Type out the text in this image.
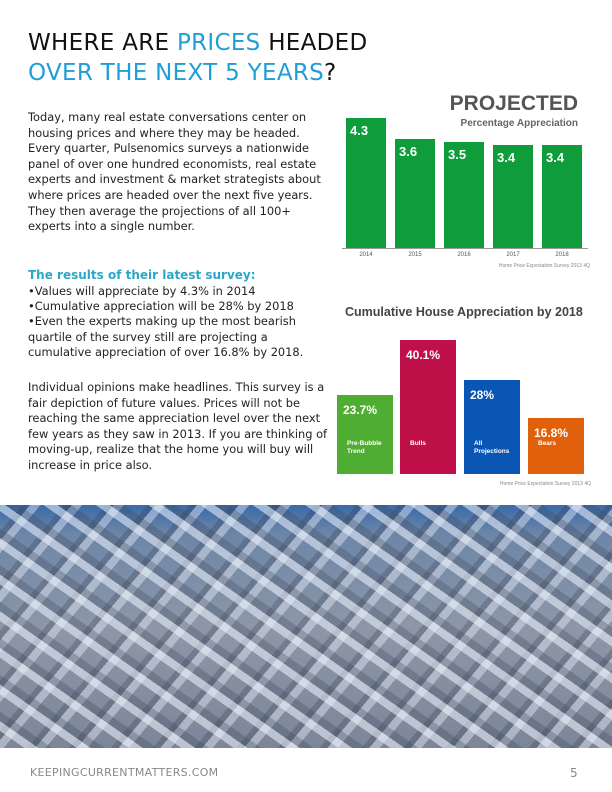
WHERE ARE PRICES HEADED
OVER THE NEXT 5 YEARS?

Today, many real estate conversations center on housing prices and where they may be headed. Every quarter, Pulsenomics surveys a nationwide panel of over one hundred economists, real estate experts and investment & market strategists about where prices are headed over the next five years. They then average the projections of all 100+ experts into a single number.

The results of their latest survey:
•Values will appreciate by 4.3% in 2014
•Cumulative appreciation will be 28% by 2018
•Even the experts making up the most bearish quartile of the survey still are projecting a cumulative appreciation of over 16.8% by 2018.

Individual opinions make headlines. This survey is a fair depiction of future values. Prices will not be reaching the same appreciation level over the next few years as they saw in 2013. If you are thinking of moving-up, realize that the home you will buy will increase in price also.

PROJECTED
Percentage Appreciation
Home Price Expectation Survey 2013 4Q
4.3
2014
3.6
2015
3.5
2016
3.4
2017
3.4
2018
Cumulative House Appreciation by 2018
Home Price Expectation Survey 2013 4Q
23.7%
Pre-Bubble Trend
40.1%
Bulls
28%
All Projections
16.8%
Bears
KEEPINGCURRENTMATTERS.COM	5
